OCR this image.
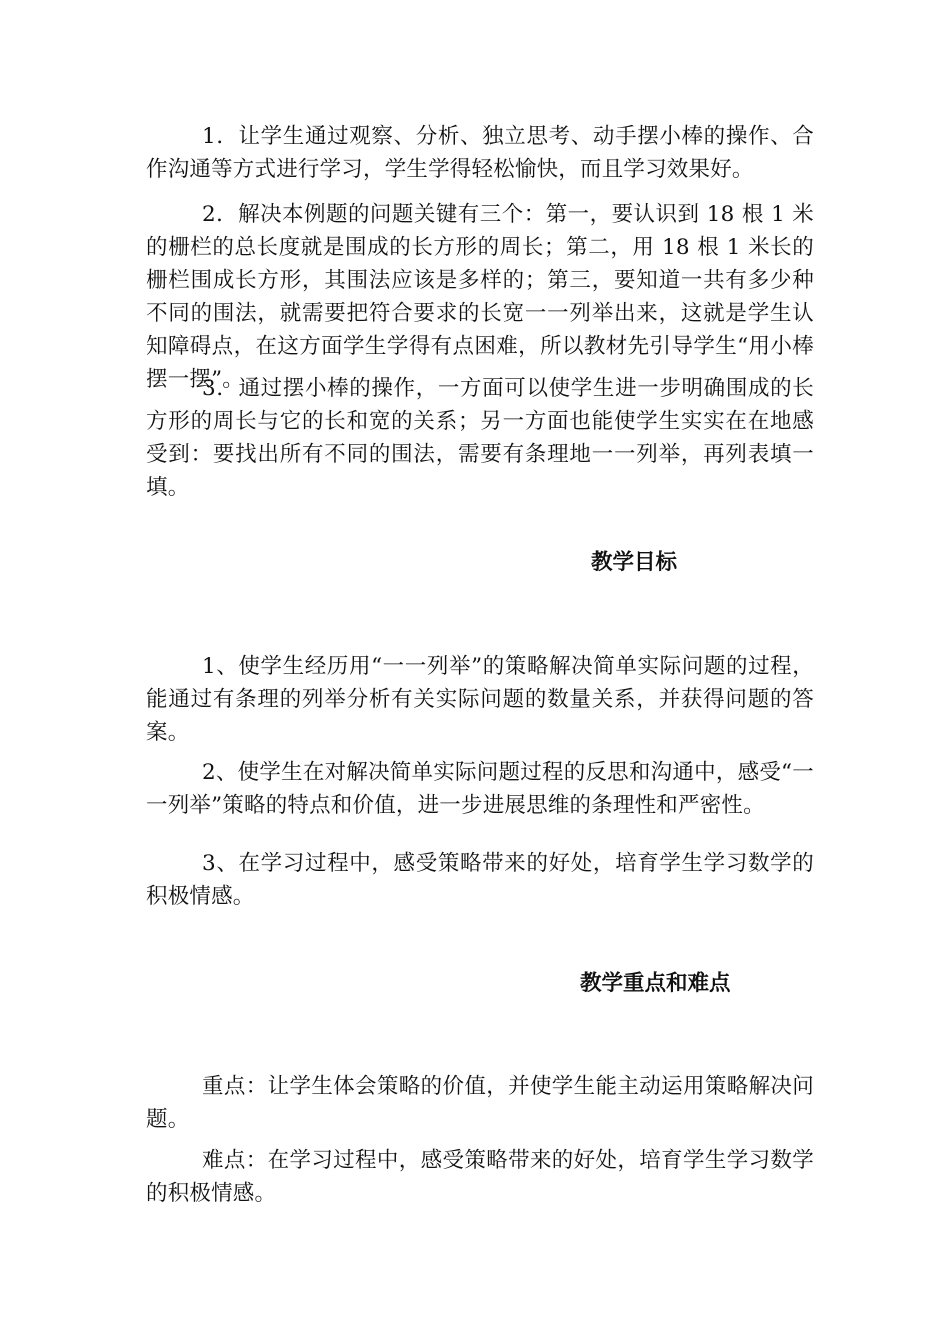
1．让学生通过观察、分析、独立思考、动手摆小棒的操作、合作沟通等方式进行学习，学生学得轻松愉快，而且学习效果好。

2．解决本例题的问题关键有三个：第一，要认识到 18 根 1 米的栅栏的总长度就是围成的长方形的周长；第二，用 18 根 1 米长的栅栏围成长方形，其围法应该是多样的；第三，要知道一共有多少种不同的围法，就需要把符合要求的长宽一一列举出来，这就是学生认知障碍点，在这方面学生学得有点困难，所以教材先引导学生“用小棒摆一摆”。

3．通过摆小棒的操作，一方面可以使学生进一步明确围成的长方形的周长与它的长和宽的关系；另一方面也能使学生实实在在地感受到：要找出所有不同的围法，需要有条理地一一列举，再列表填一填。

教学目标

1、使学生经历用“一一列举”的策略解决简单实际问题的过程，能通过有条理的列举分析有关实际问题的数量关系，并获得问题的答案。

2、使学生在对解决简单实际问题过程的反思和沟通中，感受“一一列举”策略的特点和价值，进一步进展思维的条理性和严密性。

3、在学习过程中，感受策略带来的好处，培育学生学习数学的积极情感。

教学重点和难点

重点：让学生体会策略的价值，并使学生能主动运用策略解决问题。

难点：在学习过程中，感受策略带来的好处，培育学生学习数学的积极情感。
